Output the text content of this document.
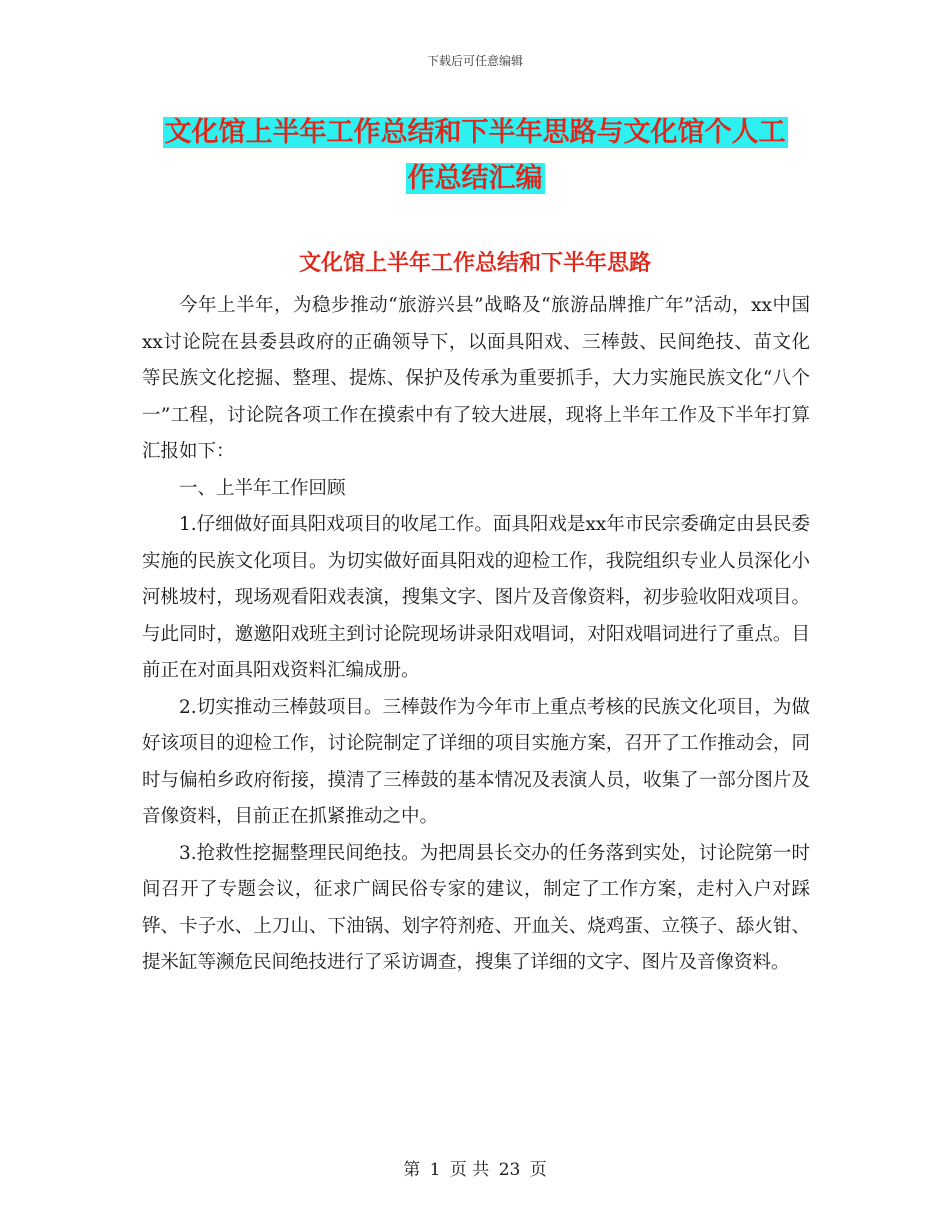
下载后可任意编辑
文化馆上半年工作总结和下半年思路与文化馆个人工
作总结汇编
文化馆上半年工作总结和下半年思路

今年上半年，为稳步推动“旅游兴县”战略及“旅游品牌推广年”活动，xx中国xx讨论院在县委县政府的正确领导下，以面具阳戏、三棒鼓、民间绝技、苗文化等民族文化挖掘、整理、提炼、保护及传承为重要抓手，大力实施民族文化“八个一”工程，讨论院各项工作在摸索中有了较大进展，现将上半年工作及下半年打算汇报如下：

一、上半年工作回顾

1.仔细做好面具阳戏项目的收尾工作。面具阳戏是xx年市民宗委确定由县民委实施的民族文化项目。为切实做好面具阳戏的迎检工作，我院组织专业人员深化小河桃坡村，现场观看阳戏表演，搜集文字、图片及音像资料，初步验收阳戏项目。与此同时，邀邀阳戏班主到讨论院现场讲录阳戏唱词，对阳戏唱词进行了重点。目前正在对面具阳戏资料汇编成册。

2.切实推动三棒鼓项目。三棒鼓作为今年市上重点考核的民族文化项目，为做好该项目的迎检工作，讨论院制定了详细的项目实施方案，召开了工作推动会，同时与偏柏乡政府衔接，摸清了三棒鼓的基本情况及表演人员，收集了一部分图片及音像资料，目前正在抓紧推动之中。

3.抢救性挖掘整理民间绝技。为把周县长交办的任务落到实处，讨论院第一时间召开了专题会议，征求广阔民俗专家的建议，制定了工作方案，走村入户对踩铧、卡子水、上刀山、下油锅、划字符剂疮、开血关、烧鸡蛋、立筷子、舔火钳、提米缸等濒危民间绝技进行了采访调查，搜集了详细的文字、图片及音像资料。

第 1 页 共 23 页
